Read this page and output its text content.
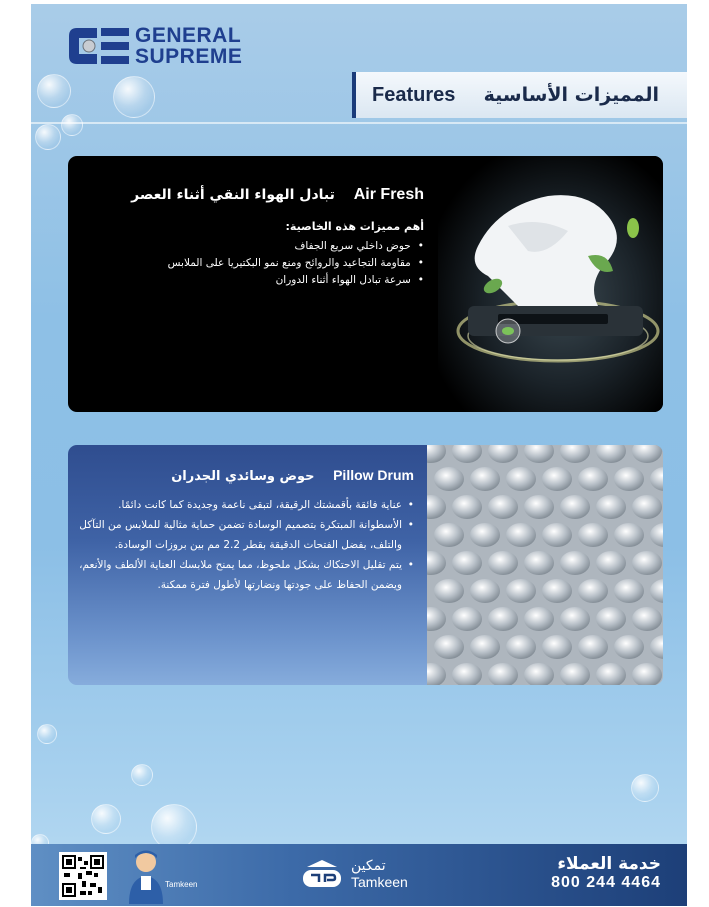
GENERAL
SUPREME
Features المميزات الأساسية
Air Fresh تبادل الهواء النقي أثناء العصر
أهم مميزات هذه الخاصية:
• حوض داخلي سريع الجفاف
• مقاومة التجاعيد والروائح ومنع نمو البكتيريا على الملابس
• سرعة تبادل الهواء أثناء الدوران
Pillow Drum حوض وسائدي الجدران
• عناية فائقة بأقمشتك الرقيقة، لتبقى ناعمة وجديدة كما كانت دائمًا.
• الأسطوانة المبتكرة بتصميم الوسادة تضمن حماية مثالية للملابس من التآكل والتلف، بفضل الفتحات الدقيقة بقطر 2.2 مم بين بروزات الوسادة.
• يتم تقليل الاحتكاك بشكل ملحوظ، مما يمنح ملابسك العناية الألطف والأنعم، ويضمن الحفاظ على جودتها ونضارتها لأطول فترة ممكنة.
Tamkeen
تمكين
Tamkeen
خدمة العملاء
800 244 4464
